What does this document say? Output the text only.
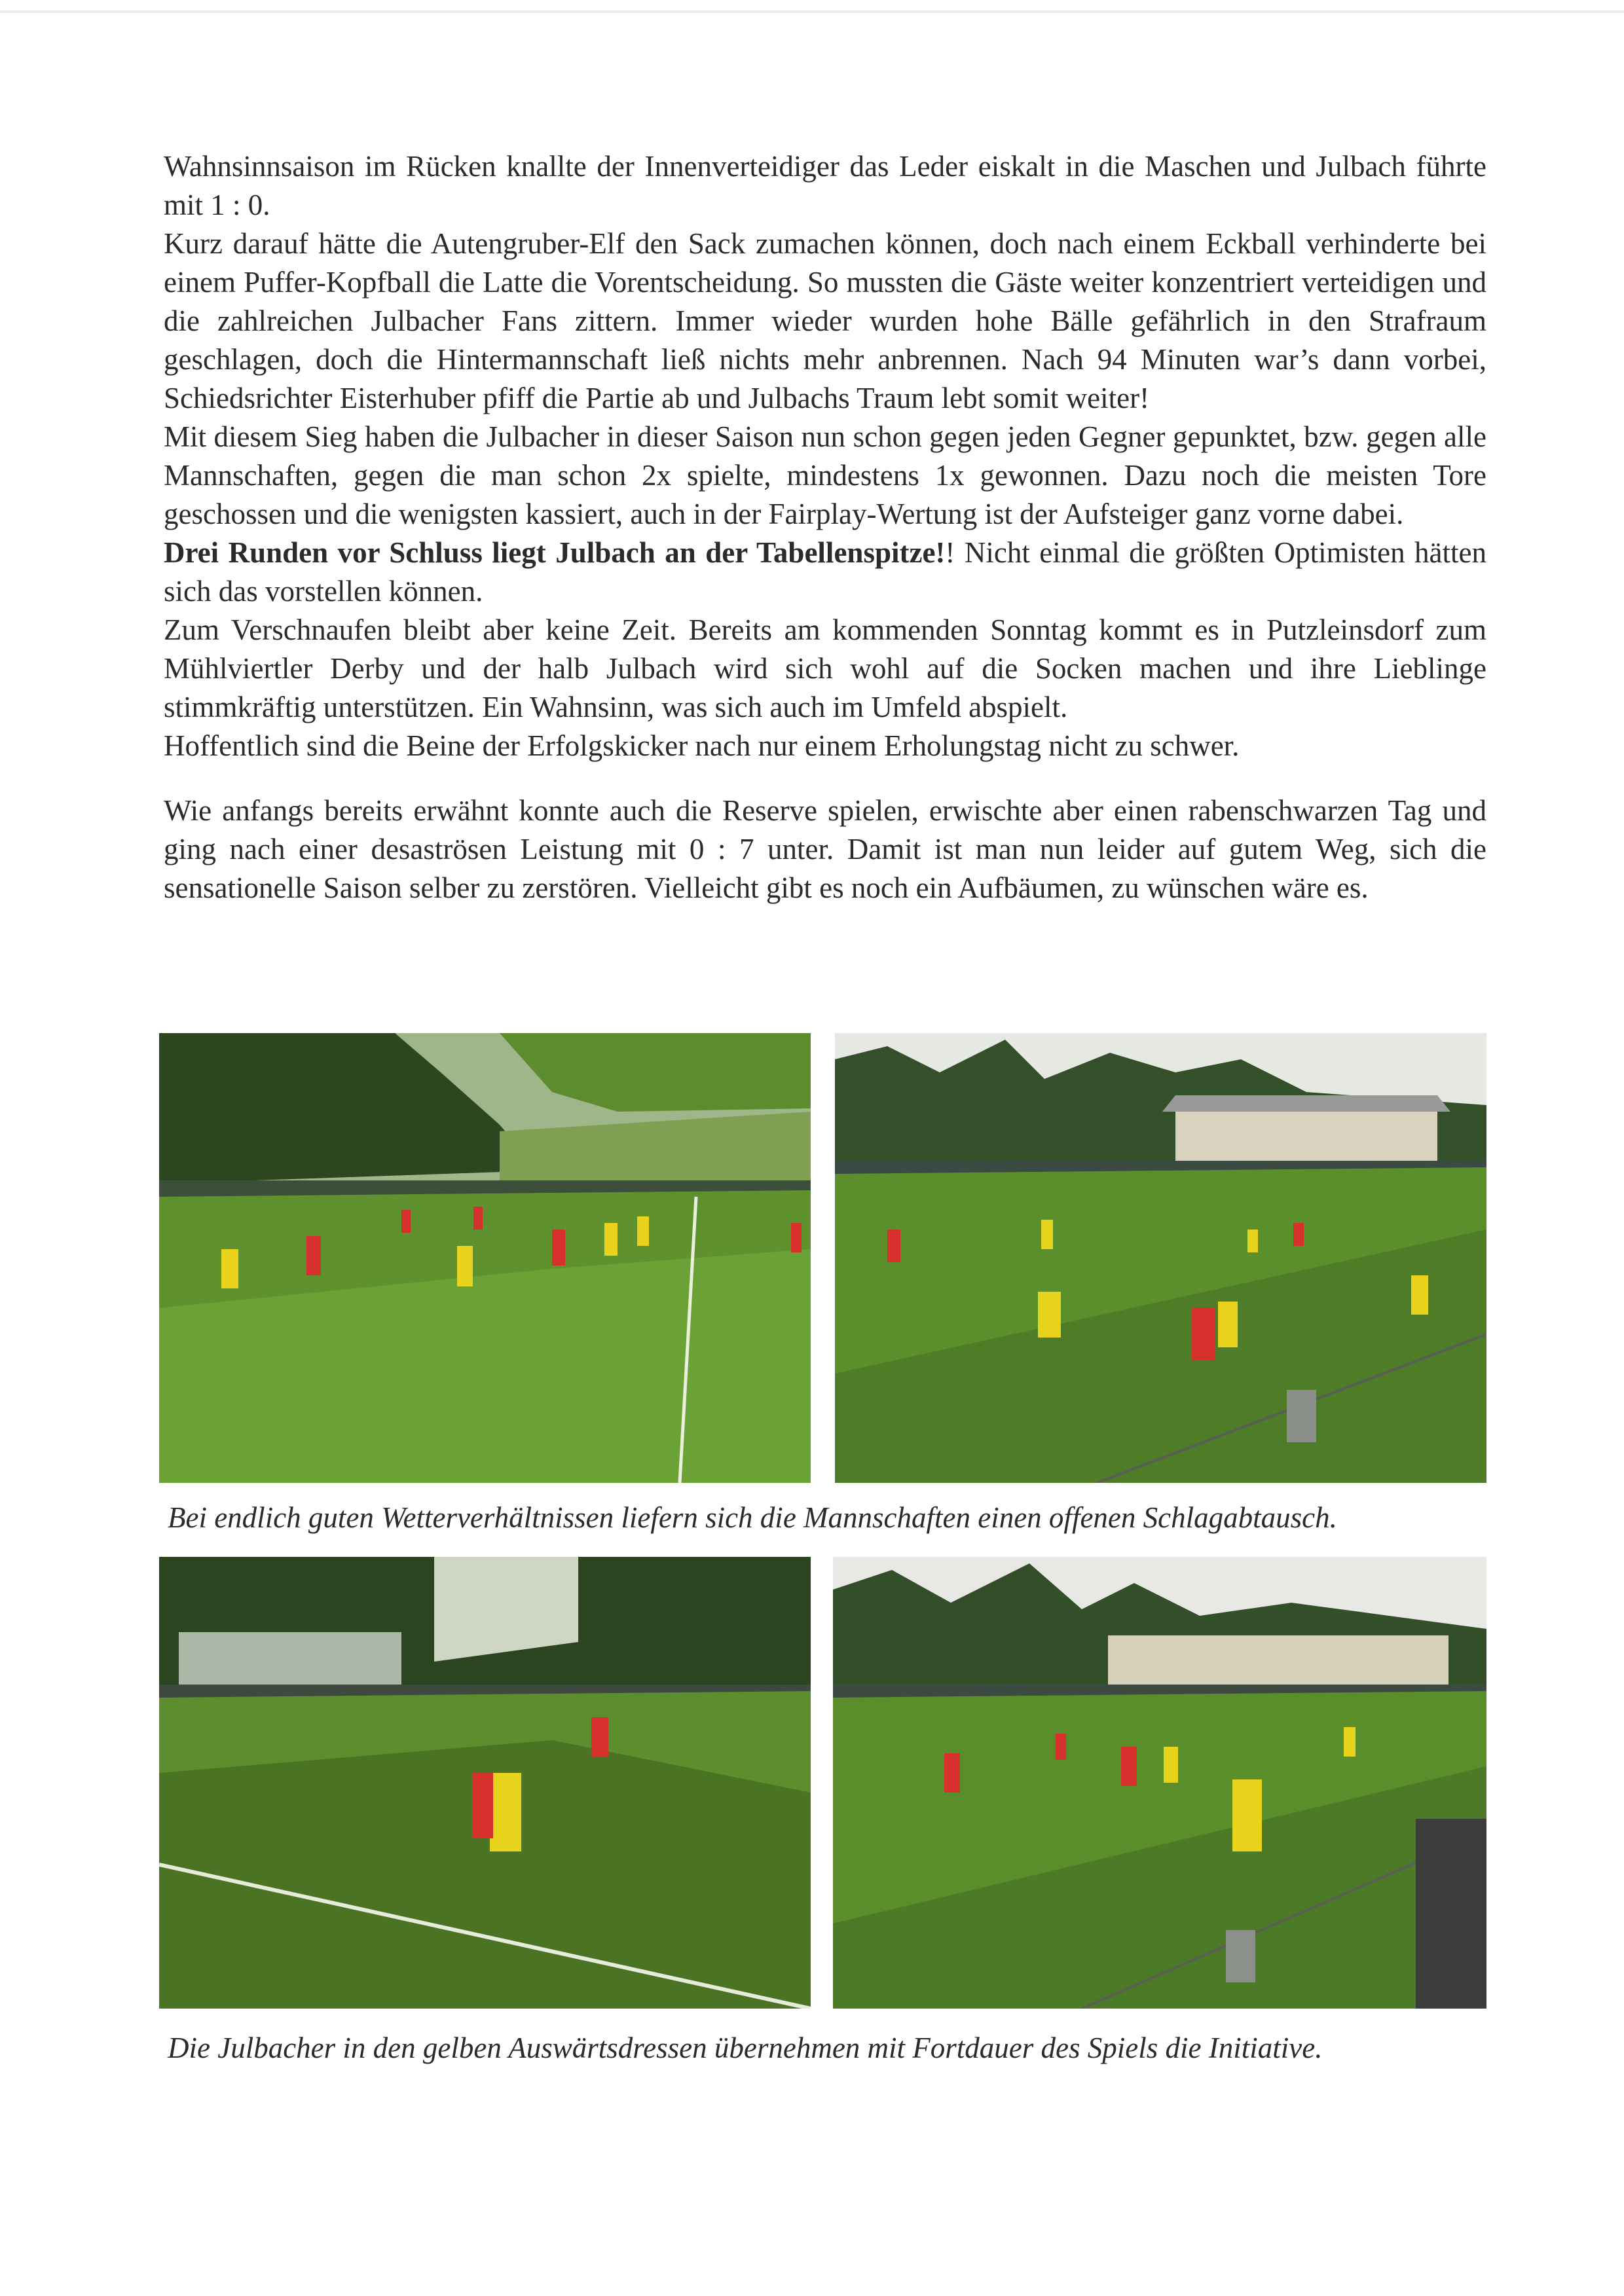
Wahnsinnsaison im Rücken knallte der Innenverteidiger das Leder eiskalt in die Maschen und Julbach führte mit 1 : 0.

Kurz darauf hätte die Autengruber-Elf den Sack zumachen können, doch nach einem Eckball verhinderte bei einem Puffer-Kopfball die Latte die Vorentscheidung. So mussten die Gäste weiter konzentriert verteidigen und die zahlreichen Julbacher Fans zittern. Immer wieder wurden hohe Bälle gefährlich in den Strafraum geschlagen, doch die Hintermannschaft ließ nichts mehr anbrennen. Nach 94 Minuten war’s dann vorbei, Schiedsrichter Eisterhuber pfiff die Partie ab und Julbachs Traum lebt somit weiter!

Mit diesem Sieg haben die Julbacher in dieser Saison nun schon gegen jeden Gegner gepunktet, bzw. gegen alle Mannschaften, gegen die man schon 2x spielte, mindestens 1x gewonnen. Dazu noch die meisten Tore geschossen und die wenigsten kassiert, auch in der Fairplay-Wertung ist der Aufsteiger ganz vorne dabei.

Drei Runden vor Schluss liegt Julbach an der Tabellenspitze!! Nicht einmal die größten Optimisten hätten sich das vorstellen können.

Zum Verschnaufen bleibt aber keine Zeit. Bereits am kommenden Sonntag kommt es in Putzleinsdorf zum Mühlviertler Derby und der halb Julbach wird sich wohl auf die Socken machen und ihre Lieblinge stimmkräftig unterstützen. Ein Wahnsinn, was sich auch im Umfeld abspielt.

Hoffentlich sind die Beine der Erfolgskicker nach nur einem Erholungstag nicht zu schwer.

Wie anfangs bereits erwähnt konnte auch die Reserve spielen, erwischte aber einen rabenschwarzen Tag und ging nach einer desaströsen Leistung mit 0 : 7 unter. Damit ist man nun leider auf gutem Weg, sich die sensationelle Saison selber zu zerstören. Vielleicht gibt es noch ein Aufbäumen, zu wünschen wäre es.

Bei endlich guten Wetterverhältnissen liefern sich die Mannschaften einen offenen Schlagabtausch.
Die Julbacher in den gelben Auswärtsdressen übernehmen mit Fortdauer des Spiels die Initiative.
